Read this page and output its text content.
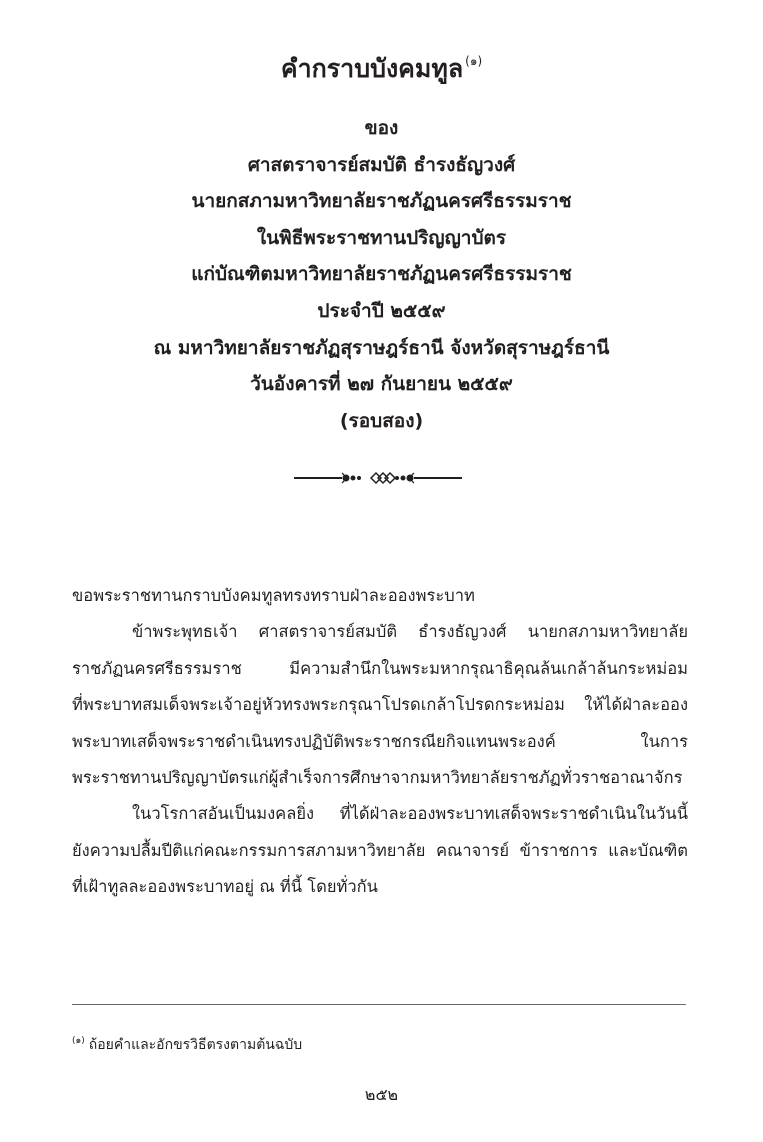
คำกราบบังคมทูล $^{(๑)}$
ของ
ศาสตราจารย์สมบัติ ธำรงธัญวงศ์
นายกสภามหาวิทยาลัยราชภัฏนครศรีธรรมราช
ในพิธีพระราชทานปริญญาบัตร
แก่บัณฑิตมหาวิทยาลัยราชภัฏนครศรีธรรมราช
ประจำปี ๒๕๕๙
ณ มหาวิทยาลัยราชภัฏสุราษฎร์ธานี จังหวัดสุราษฎร์ธานี
วันอังคารที่ ๒๗ กันยายน ๒๕๕๙
(รอบสอง)
ขอพระราชทานกราบบังคมทูลทรงทราบฝ่าละอองพระบาท
ข้าพระพุทธเจ้า ศาสตราจารย์สมบัติ ธำรงธัญวงศ์ นายกสภามหาวิทยาลัย
ราชภัฏนครศรีธรรมราช มีความสำนึกในพระมหากรุณาธิคุณล้นเกล้าล้นกระหม่อม
ที่พระบาทสมเด็จพระเจ้าอยู่หัวทรงพระกรุณาโปรดเกล้าโปรดกระหม่อม ให้ได้ฝ่าละออง
พระบาทเสด็จพระราชดำเนินทรงปฏิบัติพระราชกรณียกิจแทนพระองค์ ในการ
พระราชทานปริญญาบัตรแก่ผู้สำเร็จการศึกษาจากมหาวิทยาลัยราชภัฏทั่วราชอาณาจักร
ในวโรกาสอันเป็นมงคลยิ่ง ที่ได้ฝ่าละอองพระบาทเสด็จพระราชดำเนินในวันนี้
ยังความปลื้มปีติแก่คณะกรรมการสภามหาวิทยาลัย คณาจารย์ ข้าราชการ และบัณฑิต
ที่เฝ้าทูลละอองพระบาทอยู่ ณ ที่นี้ โดยทั่วกัน
$^{(๑)}$ ถ้อยคำและอักขรวิธีตรงตามต้นฉบับ
๒๕๒
